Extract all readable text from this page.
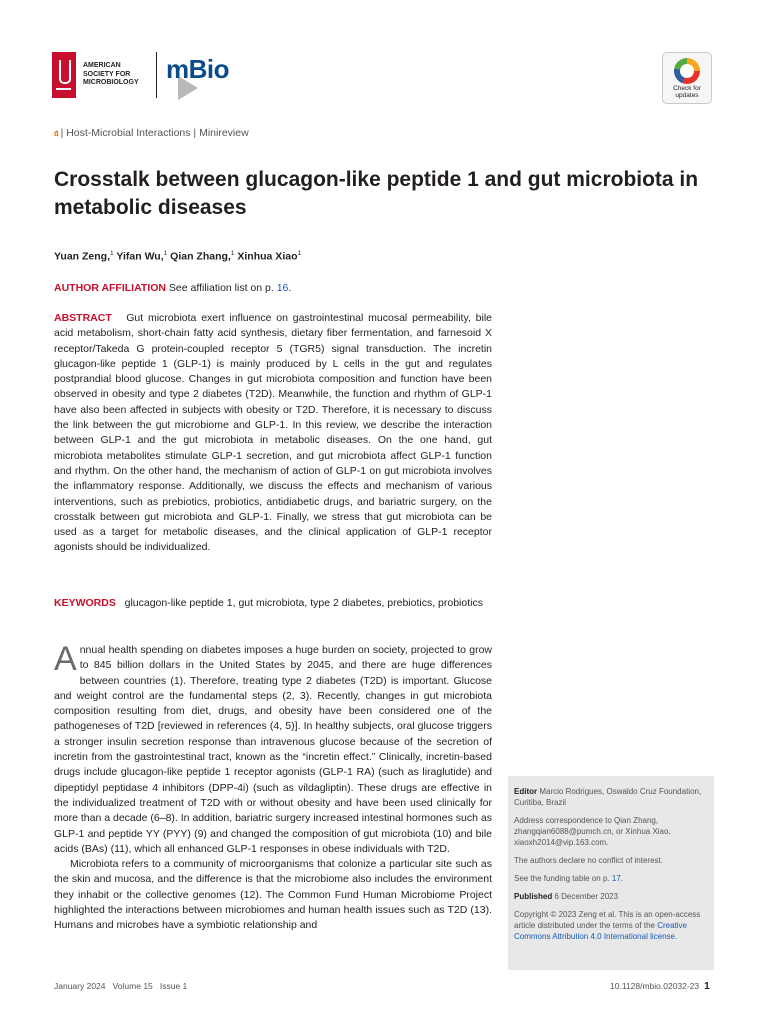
AMERICAN
SOCIETY FOR
MICROBIOLOGY mBio
Check for updates
𝔞 | Host-Microbial Interactions | Minireview
Crosstalk between glucagon-like peptide 1 and gut microbiota in metabolic diseases
Yuan Zeng,$^1$ Yifan Wu,$^1$ Qian Zhang,$^1$ Xinhua Xiao$^1$
AUTHOR AFFILIATION See affiliation list on p. 16.

ABSTRACT Gut microbiota exert influence on gastrointestinal mucosal permeability, bile acid metabolism, short-chain fatty acid synthesis, dietary fiber fermentation, and farnesoid X receptor/Takeda G protein-coupled receptor 5 (TGR5) signal transduction. The incretin glucagon-like peptide 1 (GLP-1) is mainly produced by L cells in the gut and regulates postprandial blood glucose. Changes in gut microbiota composition and function have been observed in obesity and type 2 diabetes (T2D). Meanwhile, the function and rhythm of GLP-1 have also been affected in subjects with obesity or T2D. Therefore, it is necessary to discuss the link between the gut microbiome and GLP-1. In this review, we describe the interaction between GLP-1 and the gut microbiota in metabolic diseases. On the one hand, gut microbiota metabolites stimulate GLP-1 secretion, and gut microbiota affect GLP-1 function and rhythm. On the other hand, the mechanism of action of GLP-1 on gut microbiota involves the inflammatory response. Additionally, we discuss the effects and mechanism of various interventions, such as prebiotics, probiotics, antidiabetic drugs, and bariatric surgery, on the crosstalk between gut microbiota and GLP-1. Finally, we stress that gut microbiota can be used as a target for metabolic diseases, and the clinical application of GLP-1 receptor agonists should be individualized.

KEYWORDS glucagon-like peptide 1, gut microbiota, type 2 diabetes, prebiotics, probiotics

Annual health spending on diabetes imposes a huge burden on society, projected to grow to 845 billion dollars in the United States by 2045, and there are huge differences between countries (1). Therefore, treating type 2 diabetes (T2D) is important. Glucose and weight control are the fundamental steps (2, 3). Recently, changes in gut microbiota composition resulting from diet, drugs, and obesity have been considered one of the pathogeneses of T2D [reviewed in references (4, 5)]. In healthy subjects, oral glucose triggers a stronger insulin secretion response than intravenous glucose because of the secretion of incretin from the gastrointestinal tract, known as the “incretin effect.” Clinically, incretin-based drugs include glucagon-like peptide 1 receptor agonists (GLP-1 RA) (such as liraglutide) and dipeptidyl peptidase 4 inhibitors (DPP-4i) (such as vildagliptin). These drugs are effective in the individualized treatment of T2D with or without obesity and have been used clinically for more than a decade (6–8). In addition, bariatric surgery increased intestinal hormones such as GLP-1 and peptide YY (PYY) (9) and changed the composition of gut microbiota (10) and bile acids (BAs) (11), which all enhanced GLP-1 responses in obese individuals with T2D.

Microbiota refers to a community of microorganisms that colonize a particular site such as the skin and mucosa, and the difference is that the microbiome also includes the environment they inhabit or the collective genomes (12). The Common Fund Human Microbiome Project highlighted the interactions between microbiomes and human health issues such as T2D (13). Humans and microbes have a symbiotic relationship and

Editor Marcio Rodrigues, Oswaldo Cruz Foundation, Curitiba, Brazil

Address correspondence to Qian Zhang, zhangqian6088@pumch.cn, or Xinhua Xiao, xiaoxh2014@vip.163.com.

The authors declare no conflict of interest.

See the funding table on p. 17.

Published 6 December 2023

Copyright © 2023 Zeng et al. This is an open-access article distributed under the terms of the Creative Commons Attribution 4.0 International license.

January 2024 Volume 15 Issue 1	10.1128/mbio.02032-23 1
